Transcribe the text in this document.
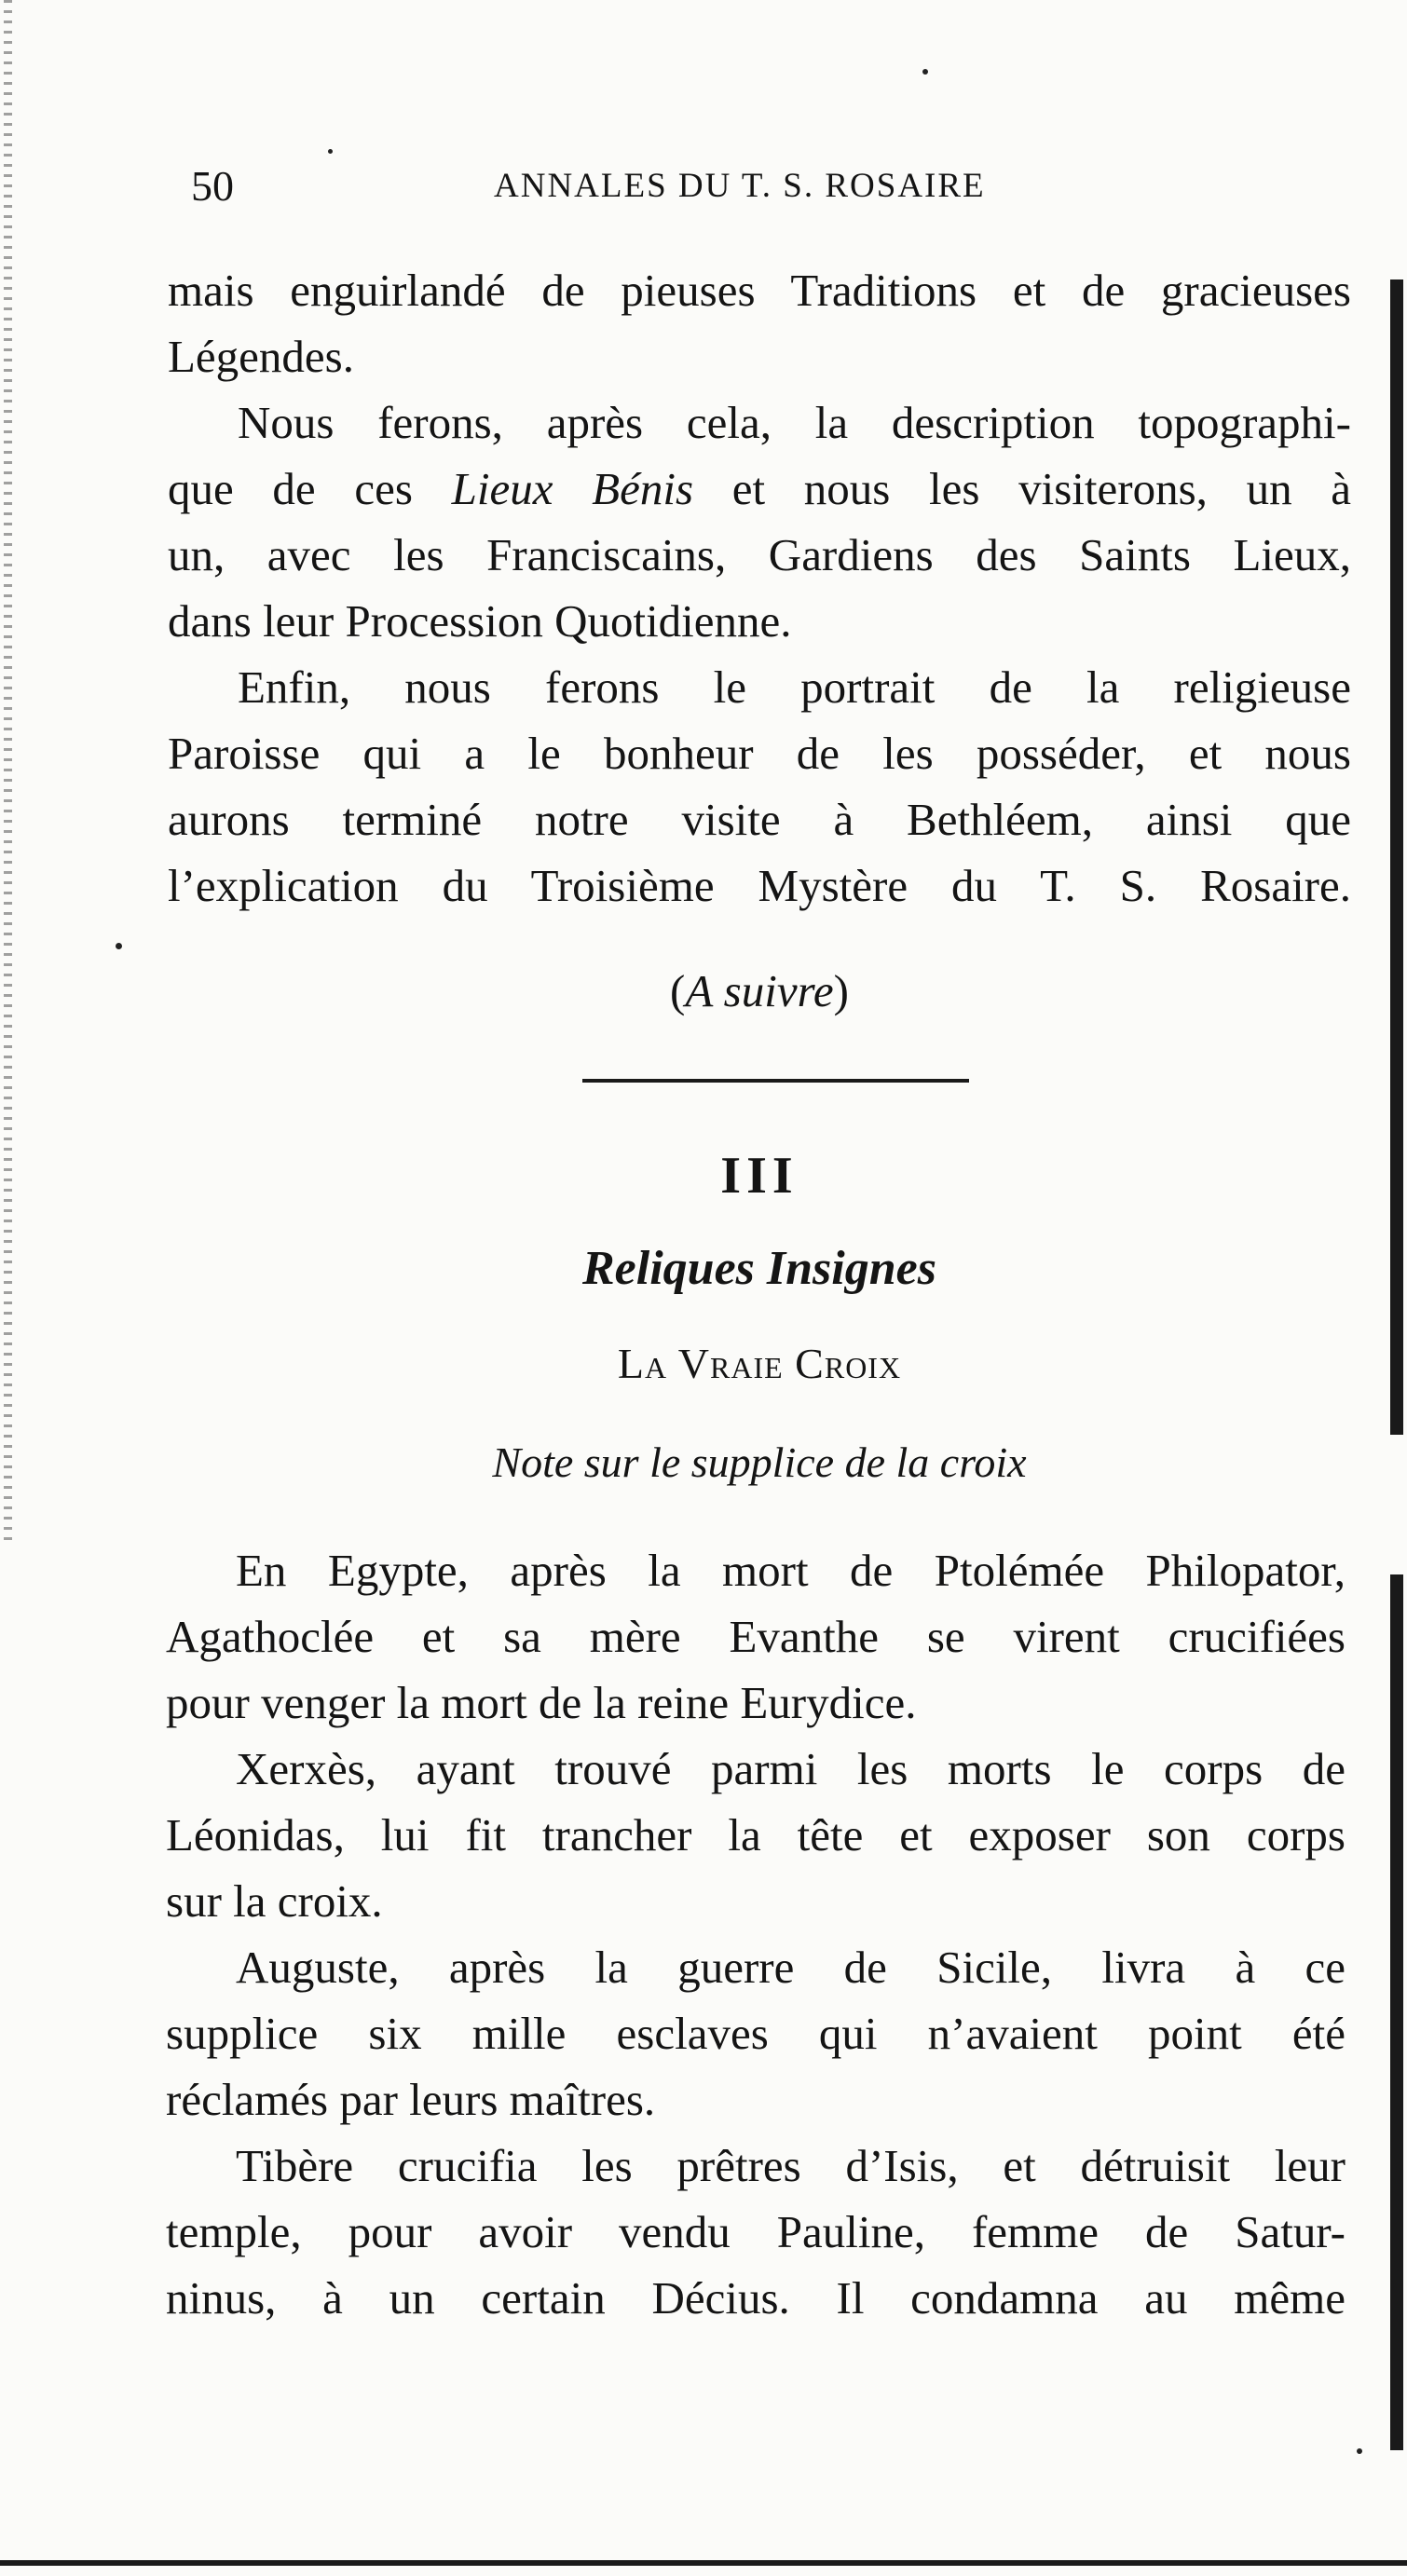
50	ANNALES DU T. S. ROSAIRE
mais enguirlandé de pieuses Traditions et de gracieuses
Légendes.
Nous ferons, après cela, la description topographi-
que de ces Lieux Bénis et nous les visiterons, un à
un, avec les Franciscains, Gardiens des Saints Lieux,
dans leur Procession Quotidienne.
Enfin, nous ferons le portrait de la religieuse
Paroisse qui a le bonheur de les posséder, et nous
aurons terminé notre visite à Bethléem, ainsi que
l’explication du Troisième Mystère du T. S. Rosaire.
(A suivre)
III
Reliques Insignes
La Vraie Croix
Note sur le supplice de la croix
En Egypte, après la mort de Ptolémée Philopator,
Agathoclée et sa mère Evanthe se virent crucifiées
pour venger la mort de la reine Eurydice.
Xerxès, ayant trouvé parmi les morts le corps de
Léonidas, lui fit trancher la tête et exposer son corps
sur la croix.
Auguste, après la guerre de Sicile, livra à ce
supplice six mille esclaves qui n’avaient point été
réclamés par leurs maîtres.
Tibère crucifia les prêtres d’Isis, et détruisit leur
temple, pour avoir vendu Pauline, femme de Satur-
ninus, à un certain Décius. Il condamna au même
